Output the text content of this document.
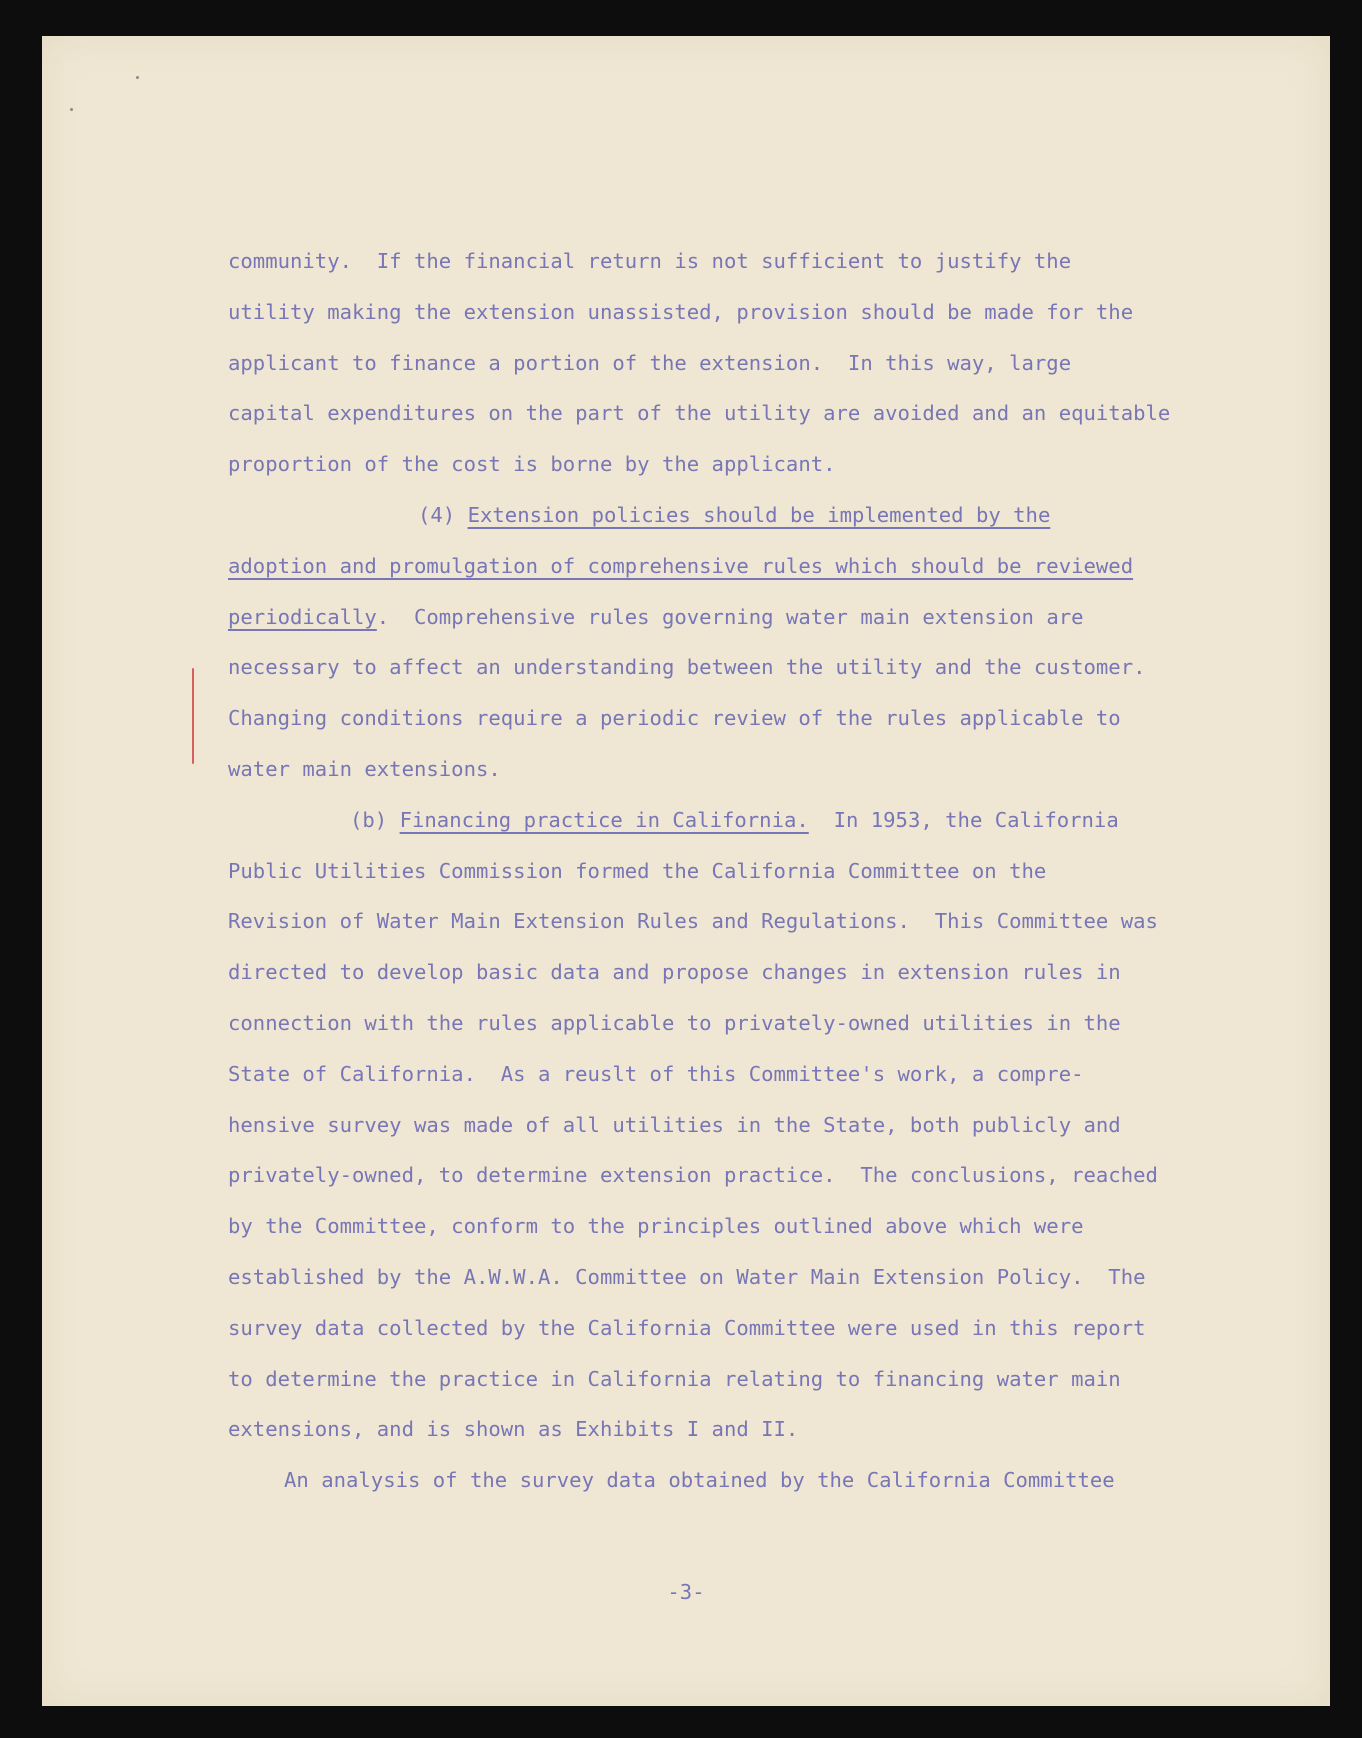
community.  If the financial return is not sufficient to justify the
utility making the extension unassisted, provision should be made for the
applicant to finance a portion of the extension.  In this way, large
capital expenditures on the part of the utility are avoided and an equitable
proportion of the cost is borne by the applicant.
(4) Extension policies should be implemented by the
adoption and promulgation of comprehensive rules which should be reviewed
periodically.  Comprehensive rules governing water main extension are
necessary to affect an understanding between the utility and the customer.
Changing conditions require a periodic review of the rules applicable to
water main extensions.
(b) Financing practice in California.  In 1953, the California
Public Utilities Commission formed the California Committee on the
Revision of Water Main Extension Rules and Regulations.  This Committee was
directed to develop basic data and propose changes in extension rules in
connection with the rules applicable to privately-owned utilities in the
State of California.  As a reuslt of this Committee's work, a compre-
hensive survey was made of all utilities in the State, both publicly and
privately-owned, to determine extension practice.  The conclusions, reached
by the Committee, conform to the principles outlined above which were
established by the A.W.W.A. Committee on Water Main Extension Policy.  The
survey data collected by the California Committee were used in this report
to determine the practice in California relating to financing water main
extensions, and is shown as Exhibits I and II.
An analysis of the survey data obtained by the California Committee
-3-
